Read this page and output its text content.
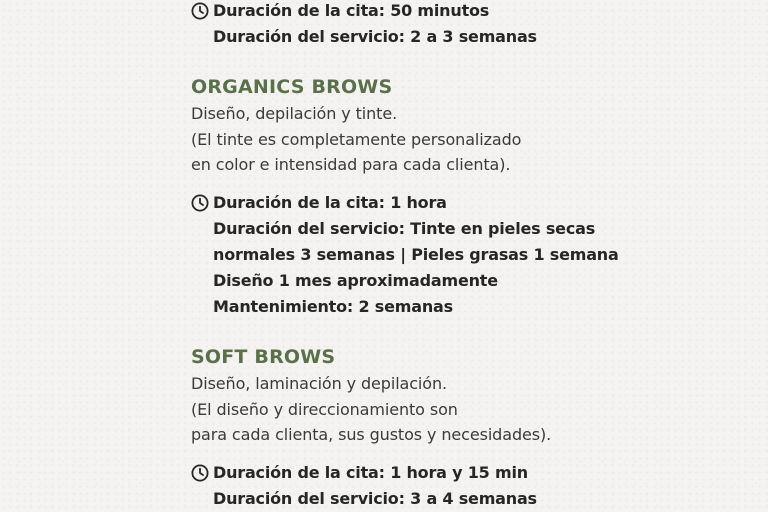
Duración de la cita: 50 minutos
Duración del servicio: 2 a 3 semanas
ORGANICS BROWS
Diseño, depilación y tinte.
(El tinte es completamente personalizado
en color e intensidad para cada clienta).
Duración de la cita: 1 hora
Duración del servicio: Tinte en pieles secas
normales 3 semanas | Pieles grasas 1 semana
Diseño 1 mes aproximadamente
Mantenimiento: 2 semanas
SOFT BROWS
Diseño, laminación y depilación.
(El diseño y direccionamiento son
para cada clienta, sus gustos y necesidades).
Duración de la cita: 1 hora y 15 min
Duración del servicio: 3 a 4 semanas
